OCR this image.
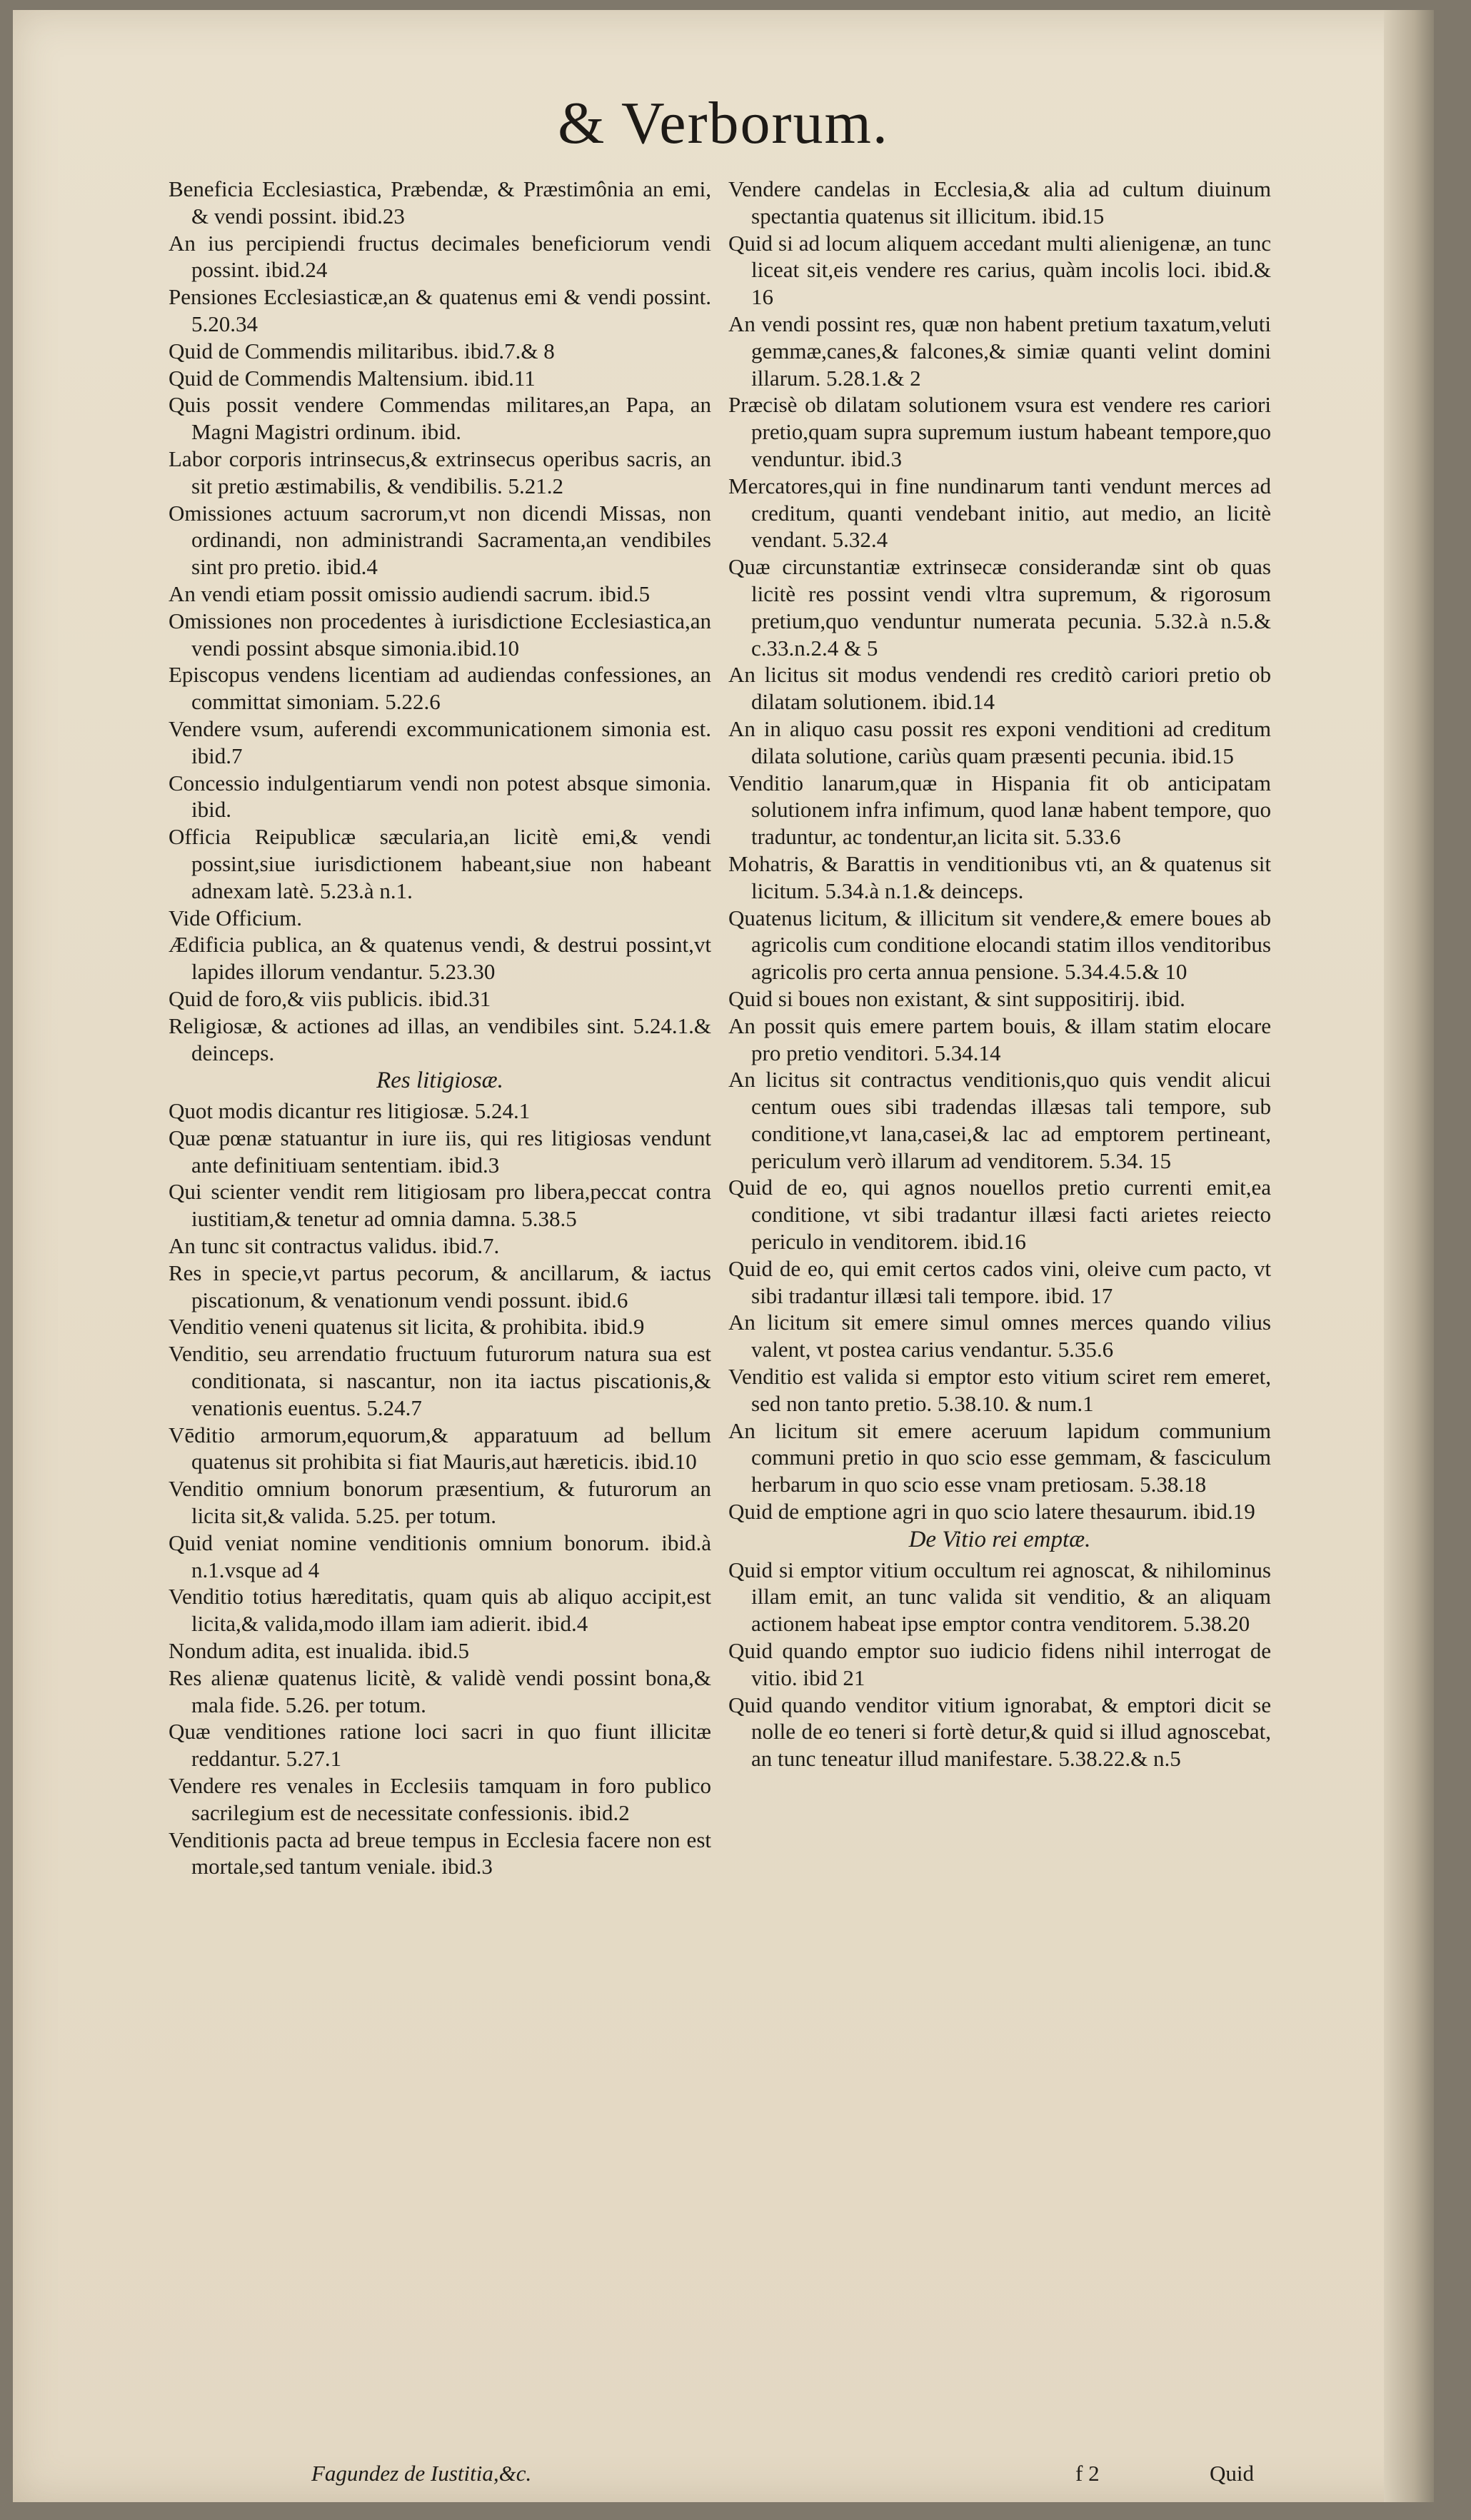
& Verborum.

Beneficia Ecclesiastica, Præbendæ, & Præstimônia an emi, & vendi possint. ibid.23

An ius percipiendi fructus decimales beneficiorum vendi possint. ibid.24

Pensiones Ecclesiasticæ,an & quatenus emi & vendi possint. 5.20.34

Quid de Commendis militaribus. ibid.7.& 8

Quid de Commendis Maltensium. ibid.11

Quis possit vendere Commendas militares,an Papa, an Magni Magistri ordinum. ibid.

Labor corporis intrinsecus,& extrinsecus operibus sacris, an sit pretio æstimabilis, & vendibilis. 5.21.2

Omissiones actuum sacrorum,vt non dicendi Missas, non ordinandi, non administrandi Sacramenta,an vendibiles sint pro pretio. ibid.4

An vendi etiam possit omissio audiendi sacrum. ibid.5

Omissiones non procedentes à iurisdictione Ecclesiastica,an vendi possint absque simonia.ibid.10

Episcopus vendens licentiam ad audiendas confessiones, an committat simoniam. 5.22.6

Vendere vsum, auferendi excommunicationem simonia est. ibid.7

Concessio indulgentiarum vendi non potest absque simonia. ibid.

Officia Reipublicæ sæcularia,an licitè emi,& vendi possint,siue iurisdictionem habeant,siue non habeant adnexam latè. 5.23.à n.1.

Vide Officium.

Ædificia publica, an & quatenus vendi, & destrui possint,vt lapides illorum vendantur. 5.23.30

Quid de foro,& viis publicis. ibid.31

Religiosæ, & actiones ad illas, an vendibiles sint. 5.24.1.& deinceps.

Res litigiosæ.

Quot modis dicantur res litigiosæ. 5.24.1

Quæ pœnæ statuantur in iure iis, qui res litigiosas vendunt ante definitiuam sententiam. ibid.3

Qui scienter vendit rem litigiosam pro libera,peccat contra iustitiam,& tenetur ad omnia damna. 5.38.5

An tunc sit contractus validus. ibid.7.

Res in specie,vt partus pecorum, & ancillarum, & iactus piscationum, & venationum vendi possunt. ibid.6

Venditio veneni quatenus sit licita, & prohibita. ibid.9

Venditio, seu arrendatio fructuum futurorum natura sua est conditionata, si nascantur, non ita iactus piscationis,& venationis euentus. 5.24.7

Vēditio armorum,equorum,& apparatuum ad bellum quatenus sit prohibita si fiat Mauris,aut hæreticis. ibid.10

Venditio omnium bonorum præsentium, & futurorum an licita sit,& valida. 5.25. per totum.

Quid veniat nomine venditionis omnium bonorum. ibid.à n.1.vsque ad 4

Venditio totius hæreditatis, quam quis ab aliquo accipit,est licita,& valida,modo illam iam adierit. ibid.4

Nondum adita, est inualida. ibid.5

Res alienæ quatenus licitè, & validè vendi possint bona,& mala fide. 5.26. per totum.

Quæ venditiones ratione loci sacri in quo fiunt illicitæ reddantur. 5.27.1

Vendere res venales in Ecclesiis tamquam in foro publico sacrilegium est de necessitate confessionis. ibid.2

Venditionis pacta ad breue tempus in Ecclesia facere non est mortale,sed tantum veniale. ibid.3

Vendere candelas in Ecclesia,& alia ad cultum diuinum spectantia quatenus sit illicitum. ibid.15

Quid si ad locum aliquem accedant multi alienigenæ, an tunc liceat sit,eis vendere res carius, quàm incolis loci. ibid.& 16

An vendi possint res, quæ non habent pretium taxatum,veluti gemmæ,canes,& falcones,& simiæ quanti velint domini illarum. 5.28.1.& 2

Præcisè ob dilatam solutionem vsura est vendere res cariori pretio,quam supra supremum iustum habeant tempore,quo venduntur. ibid.3

Mercatores,qui in fine nundinarum tanti vendunt merces ad creditum, quanti vendebant initio, aut medio, an licitè vendant. 5.32.4

Quæ circunstantiæ extrinsecæ considerandæ sint ob quas licitè res possint vendi vltra supremum, & rigorosum pretium,quo venduntur numerata pecunia. 5.32.à n.5.& c.33.n.2.4 & 5

An licitus sit modus vendendi res creditò cariori pretio ob dilatam solutionem. ibid.14

An in aliquo casu possit res exponi venditioni ad creditum dilata solutione, cariùs quam præsenti pecunia. ibid.15

Venditio lanarum,quæ in Hispania fit ob anticipatam solutionem infra infimum, quod lanæ habent tempore, quo traduntur, ac tondentur,an licita sit. 5.33.6

Mohatris, & Barattis in venditionibus vti, an & quatenus sit licitum. 5.34.à n.1.& deinceps.

Quatenus licitum, & illicitum sit vendere,& emere boues ab agricolis cum conditione elocandi statim illos venditoribus agricolis pro certa annua pensione. 5.34.4.5.& 10

Quid si boues non existant, & sint suppositirij. ibid.

An possit quis emere partem bouis, & illam statim elocare pro pretio venditori. 5.34.14

An licitus sit contractus venditionis,quo quis vendit alicui centum oues sibi tradendas illæsas tali tempore, sub conditione,vt lana,casei,& lac ad emptorem pertineant, periculum verò illarum ad venditorem. 5.34. 15

Quid de eo, qui agnos nouellos pretio currenti emit,ea conditione, vt sibi tradantur illæsi facti arietes reiecto periculo in venditorem. ibid.16

Quid de eo, qui emit certos cados vini, oleive cum pacto, vt sibi tradantur illæsi tali tempore. ibid. 17

An licitum sit emere simul omnes merces quando vilius valent, vt postea carius vendantur. 5.35.6

Venditio est valida si emptor esto vitium sciret rem emeret, sed non tanto pretio. 5.38.10. & num.1

An licitum sit emere aceruum lapidum communium communi pretio in quo scio esse gemmam, & fasciculum herbarum in quo scio esse vnam pretiosam. 5.38.18

Quid de emptione agri in quo scio latere thesaurum. ibid.19

De Vitio rei emptæ.

Quid si emptor vitium occultum rei agnoscat, & nihilominus illam emit, an tunc valida sit venditio, & an aliquam actionem habeat ipse emptor contra venditorem. 5.38.20

Quid quando emptor suo iudicio fidens nihil interrogat de vitio. ibid 21

Quid quando venditor vitium ignorabat, & emptori dicit se nolle de eo teneri si fortè detur,& quid si illud agnoscebat, an tunc teneatur illud manifestare. 5.38.22.& n.5

Fagundez de Iustitia,&c.	f 2	Quid
